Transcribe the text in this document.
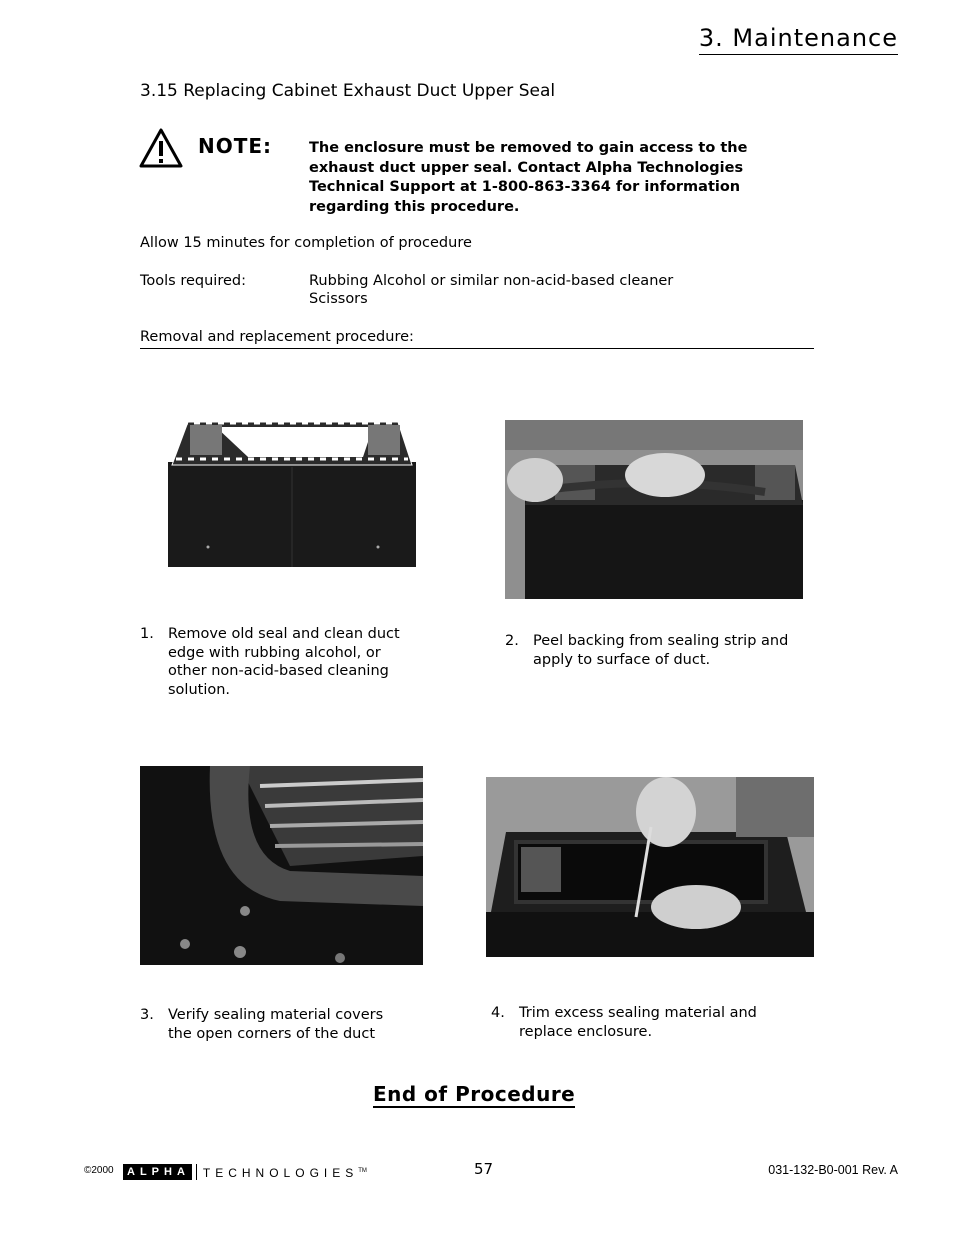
3. Maintenance
3.15 Replacing Cabinet Exhaust Duct Upper Seal
NOTE:	The enclosure must be removed to gain access to the
exhaust duct upper seal. Contact Alpha Technologies
Technical Support at 1-800-863-3364 for information
regarding this procedure.
Allow 15 minutes for completion of procedure
Tools required:	Rubbing Alcohol or similar non-acid-based cleaner
Scissors
Removal and replacement procedure:
1. Remove old seal and clean duct
edge with rubbing alcohol, or
other non-acid-based cleaning
solution.
2. Peel backing from sealing strip and
apply to surface of duct.
3. Verify sealing material covers
the open corners of the duct
4. Trim excess sealing material and
replace enclosure.
End of Procedure
©2000	ALPHA	TECHNOLOGIES™	57	031-132-B0-001 Rev. A
